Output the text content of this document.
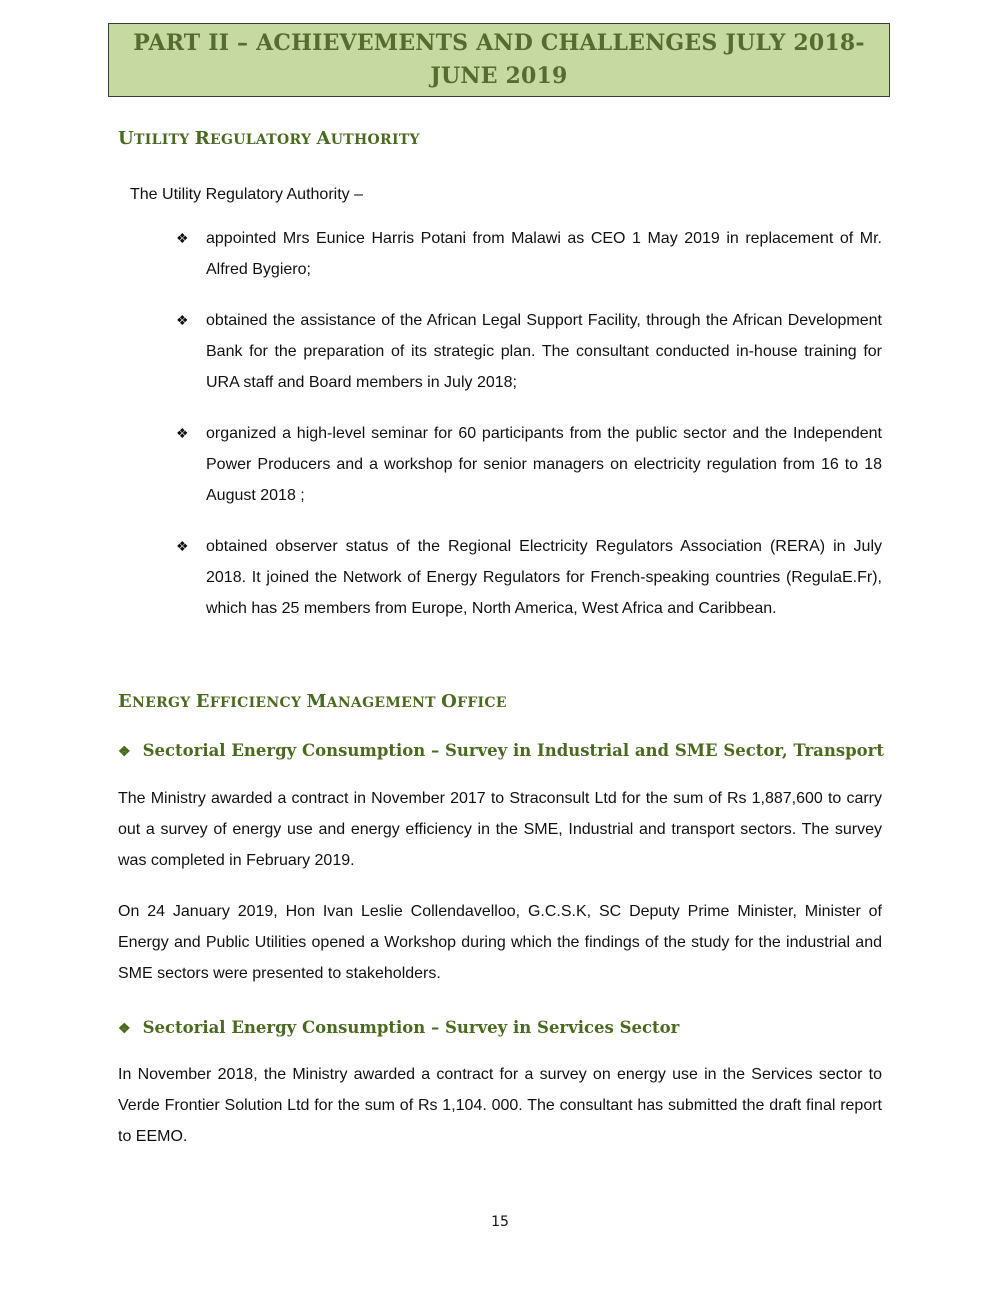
PART II – ACHIEVEMENTS AND CHALLENGES JULY 2018-JUNE 2019
UTILITY REGULATORY AUTHORITY
The Utility Regulatory Authority –
❖ appointed Mrs Eunice Harris Potani from Malawi as CEO 1 May 2019 in replacement of Mr. Alfred Bygiero;
❖ obtained the assistance of the African Legal Support Facility, through the African Development Bank for the preparation of its strategic plan. The consultant conducted in-house training for URA staff and Board members in July 2018;
❖ organized a high-level seminar for 60 participants from the public sector and the Independent Power Producers and a workshop for senior managers on electricity regulation from 16 to 18 August 2018 ;
❖ obtained observer status of the Regional Electricity Regulators Association (RERA) in July 2018. It joined the Network of Energy Regulators for French-speaking countries (RegulaE.Fr), which has 25 members from Europe, North America, West Africa and Caribbean.
ENERGY EFFICIENCY MANAGEMENT OFFICE
❖ Sectorial Energy Consumption – Survey in Industrial and SME Sector, Transport

The Ministry awarded a contract in November 2017 to Straconsult Ltd for the sum of Rs 1,887,600 to carry out a survey of energy use and energy efficiency in the SME, Industrial and transport sectors. The survey was completed in February 2019.

On 24 January 2019, Hon Ivan Leslie Collendavelloo, G.C.S.K, SC Deputy Prime Minister, Minister of Energy and Public Utilities opened a Workshop during which the findings of the study for the industrial and SME sectors were presented to stakeholders.

❖ Sectorial Energy Consumption – Survey in Services Sector

In November 2018, the Ministry awarded a contract for a survey on energy use in the Services sector to Verde Frontier Solution Ltd for the sum of Rs 1,104. 000. The consultant has submitted the draft final report to EEMO.

15
